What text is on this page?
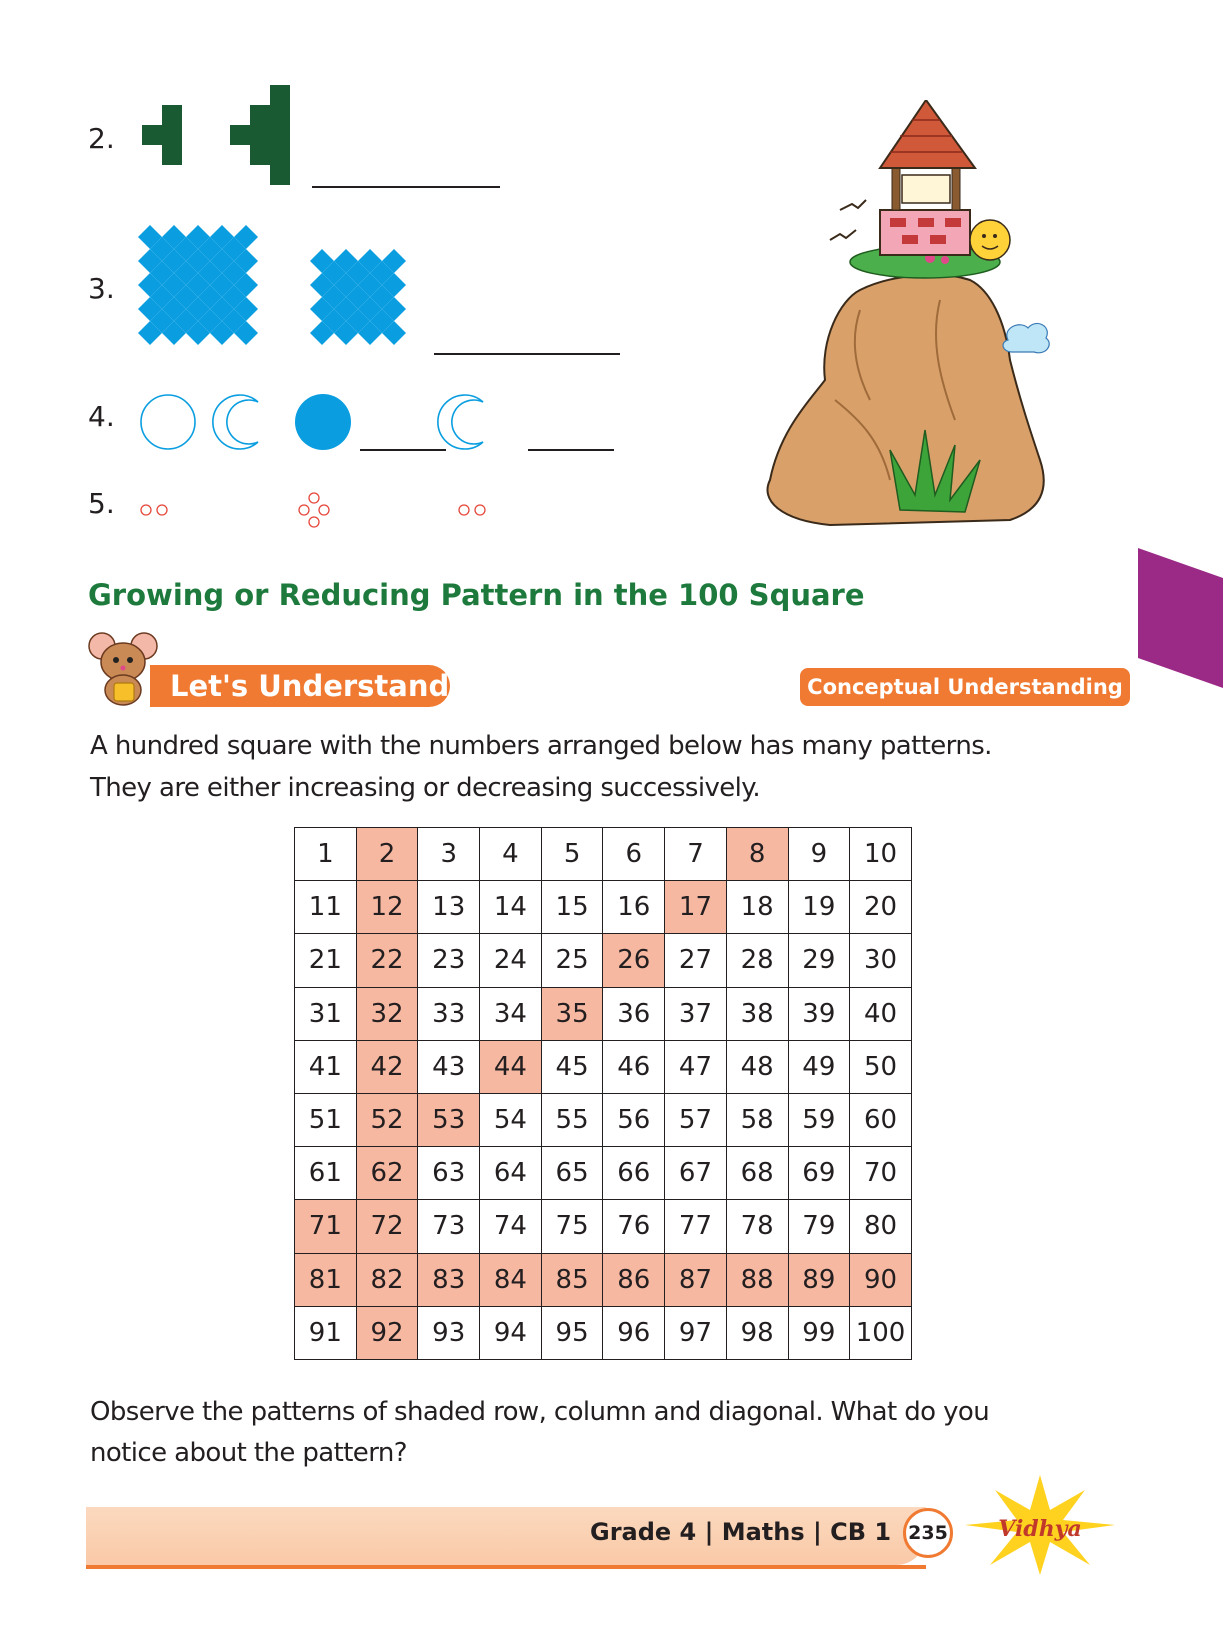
2.
3.
4.
5.
Growing or Reducing Pattern in the 100 Square
Let's Understand	Conceptual Understanding
A hundred square with the numbers arranged below has many patterns.
They are either increasing or decreasing successively.
1	2	3	4	5	6	7	8	9	10
11	12	13	14	15	16	17	18	19	20
21	22	23	24	25	26	27	28	29	30
31	32	33	34	35	36	37	38	39	40
41	42	43	44	45	46	47	48	49	50
51	52	53	54	55	56	57	58	59	60
61	62	63	64	65	66	67	68	69	70
71	72	73	74	75	76	77	78	79	80
81	82	83	84	85	86	87	88	89	90
91	92	93	94	95	96	97	98	99	100
Observe the patterns of shaded row, column and diagonal. What do you
notice about the pattern?
Grade 4 | Maths | CB 1 235 Vidhya
